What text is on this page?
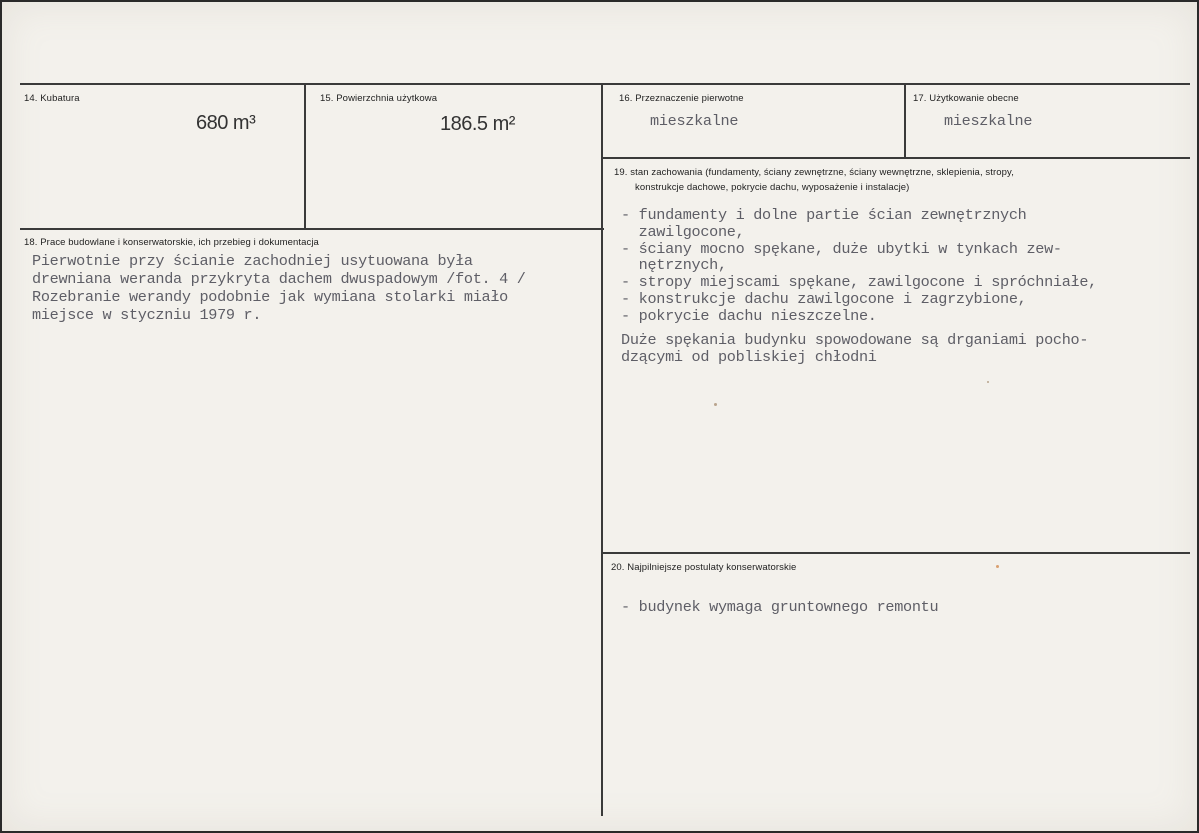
14. Kubatura
680 m³
15. Powierzchnia użytkowa
186.5 m²
16. Przeznaczenie pierwotne
mieszkalne
17. Użytkowanie obecne
mieszkalne
18. Prace budowlane i konserwatorskie, ich przebieg i dokumentacja
Pierwotnie przy ścianie zachodniej usytuowana była
drewniana weranda przykryta dachem dwuspadowym /fot. 4 /
Rozebranie werandy podobnie jak wymiana stolarki miało
miejsce w styczniu 1979 r.
19. stan zachowania (fundamenty, ściany zewnętrzne, ściany wewnętrzne, sklepienia, stropy,
konstrukcje dachowe, pokrycie dachu, wyposażenie i instalacje)
- fundamenty i dolne partie ścian zewnętrznych
zawilgocone,
- ściany mocno spękane, duże ubytki w tynkach zew-
nętrznych,
- stropy miejscami spękane, zawilgocone i spróchniałe,
- konstrukcje dachu zawilgocone i zagrzybione,
- pokrycie dachu nieszczelne.
Duże spękania budynku spowodowane są drganiami pocho-
dzącymi od pobliskiej chłodni
20. Najpilniejsze postulaty konserwatorskie
- budynek wymaga gruntownego remontu
